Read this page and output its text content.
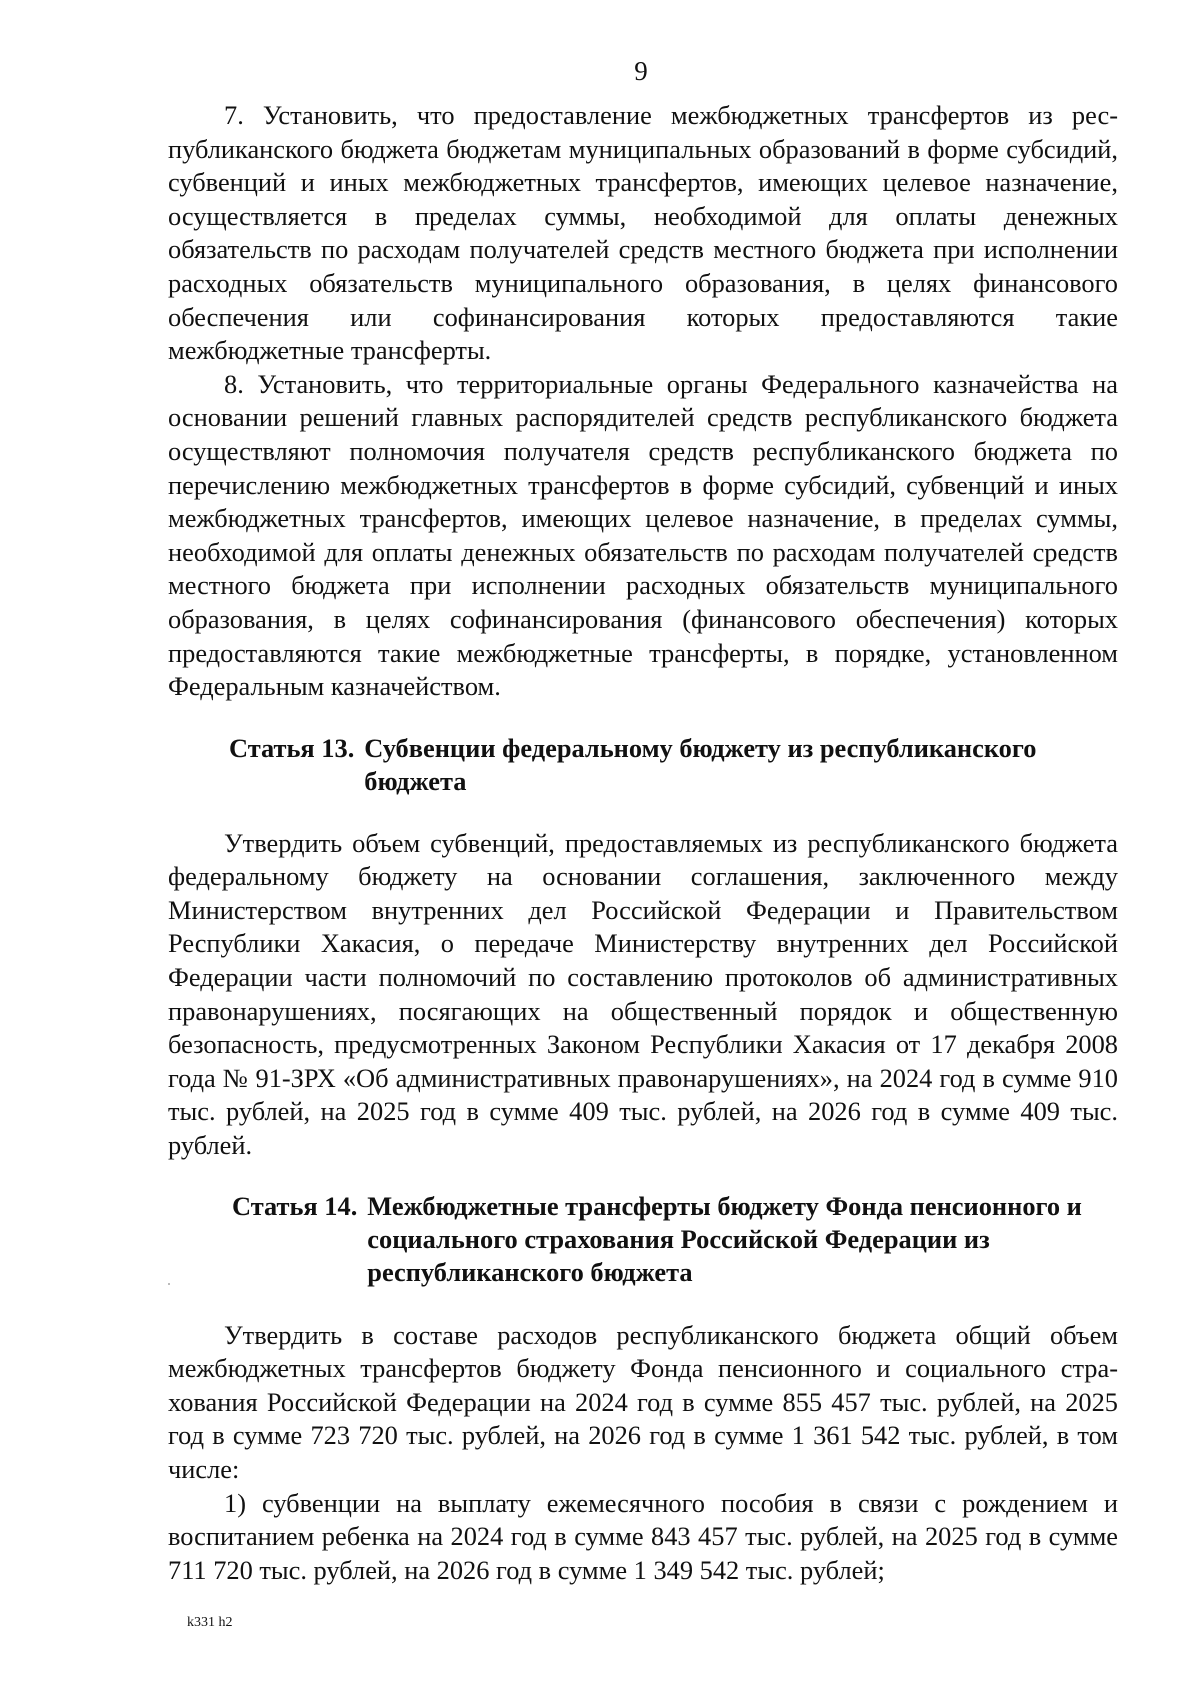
9

7. Установить, что предоставление межбюджетных трансфертов из республиканского бюджета бюджетам муниципальных образований в форме субсидий, субвенций и иных межбюджетных трансфертов, имеющих целевое назначение, осуществляется в пределах суммы, необходимой для оплаты денежных обязательств по расходам получателей средств местного бюджета при исполнении расходных обязательств муниципального образования, в целях финансового обеспечения или софинансирования которых предоставляются такие межбюджетные трансферты.

8. Установить, что территориальные органы Федерального казначейства на основании решений главных распорядителей средств республиканского бюджета осуществляют полномочия получателя средств республиканского бюджета по перечислению межбюджетных трансфертов в форме субсидий, субвенций и иных межбюджетных трансфертов, имеющих целевое назначение, в пределах суммы, необходимой для оплаты денежных обязательств по расходам получателей средств местного бюджета при исполнении расходных обязательств муниципального образования, в целях софинансирования (финансового обеспечения) которых предоставляются такие межбюджетные трансферты, в порядке, установленном Федеральным казначейством.

Статья 13. Субвенции федеральному бюджету из республиканского бюджета

Утвердить объем субвенций, предоставляемых из республиканского бюджета федеральному бюджету на основании соглашения, заключенного между Министерством внутренних дел Российской Федерации и Правительством Республики Хакасия, о передаче Министерству внутренних дел Российской Федерации части полномочий по составлению протоколов об административных правонарушениях, посягающих на общественный порядок и общественную безопасность, предусмотренных Законом Республики Хакасия от 17 декабря 2008 года № 91-ЗРХ «Об административных правонарушениях», на 2024 год в сумме 910 тыс. рублей, на 2025 год в сумме 409 тыс. рублей, на 2026 год в сумме 409 тыс. рублей.

Статья 14. Межбюджетные трансферты бюджету Фонда пенсионного и социального страхования Российской Федерации из республиканского бюджета

Утвердить в составе расходов республиканского бюджета общий объем межбюджетных трансфертов бюджету Фонда пенсионного и социального страхования Российской Федерации на 2024 год в сумме 855 457 тыс. рублей, на 2025 год в сумме 723 720 тыс. рублей, на 2026 год в сумме 1 361 542 тыс. рублей, в том числе:

1) субвенции на выплату ежемесячного пособия в связи с рождением и воспитанием ребенка на 2024 год в сумме 843 457 тыс. рублей, на 2025 год в сумме 711 720 тыс. рублей, на 2026 год в сумме 1 349 542 тыс. рублей;

k331 h2
